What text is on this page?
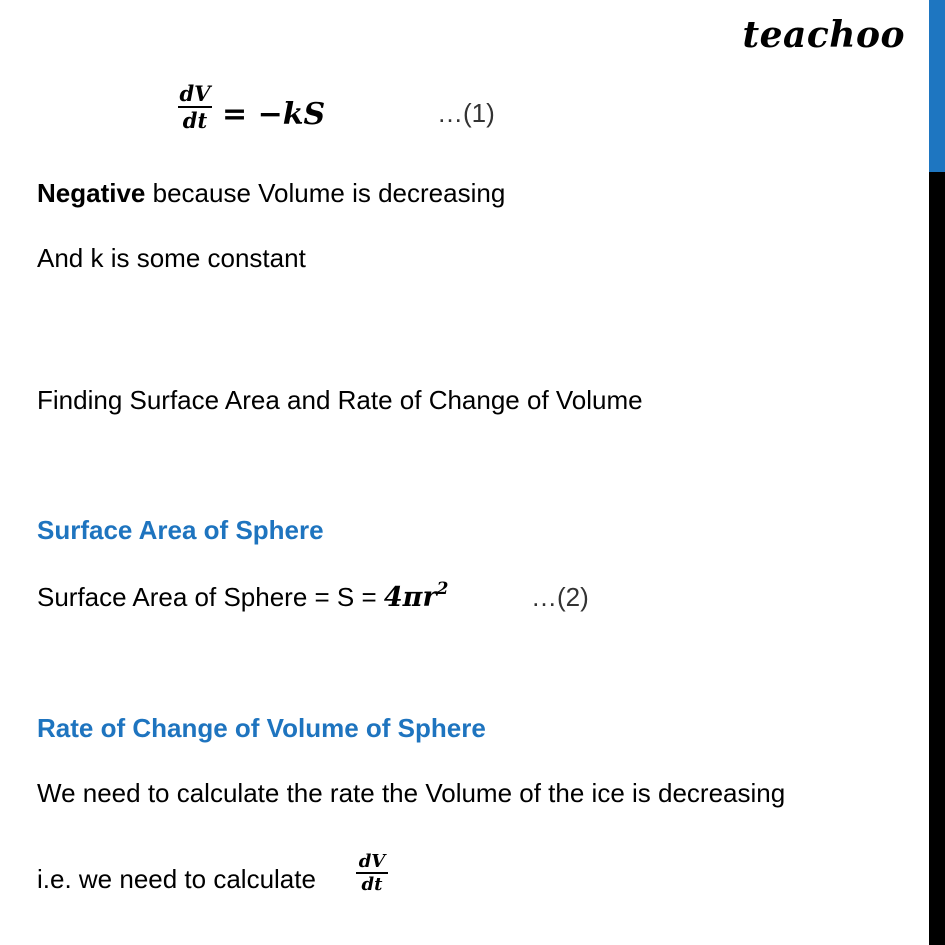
teachoo
dV
dt = −kS	…(1)
Negative because Volume is decreasing
And k is some constant
Finding Surface Area and Rate of Change of Volume
Surface Area of Sphere
Surface Area of Sphere = $S = 4\pi r^2$	…(2)
Rate of Change of Volume of Sphere
We need to calculate the rate the Volume of the ice is decreasing
i.e. we need to calculate
dV
dt
